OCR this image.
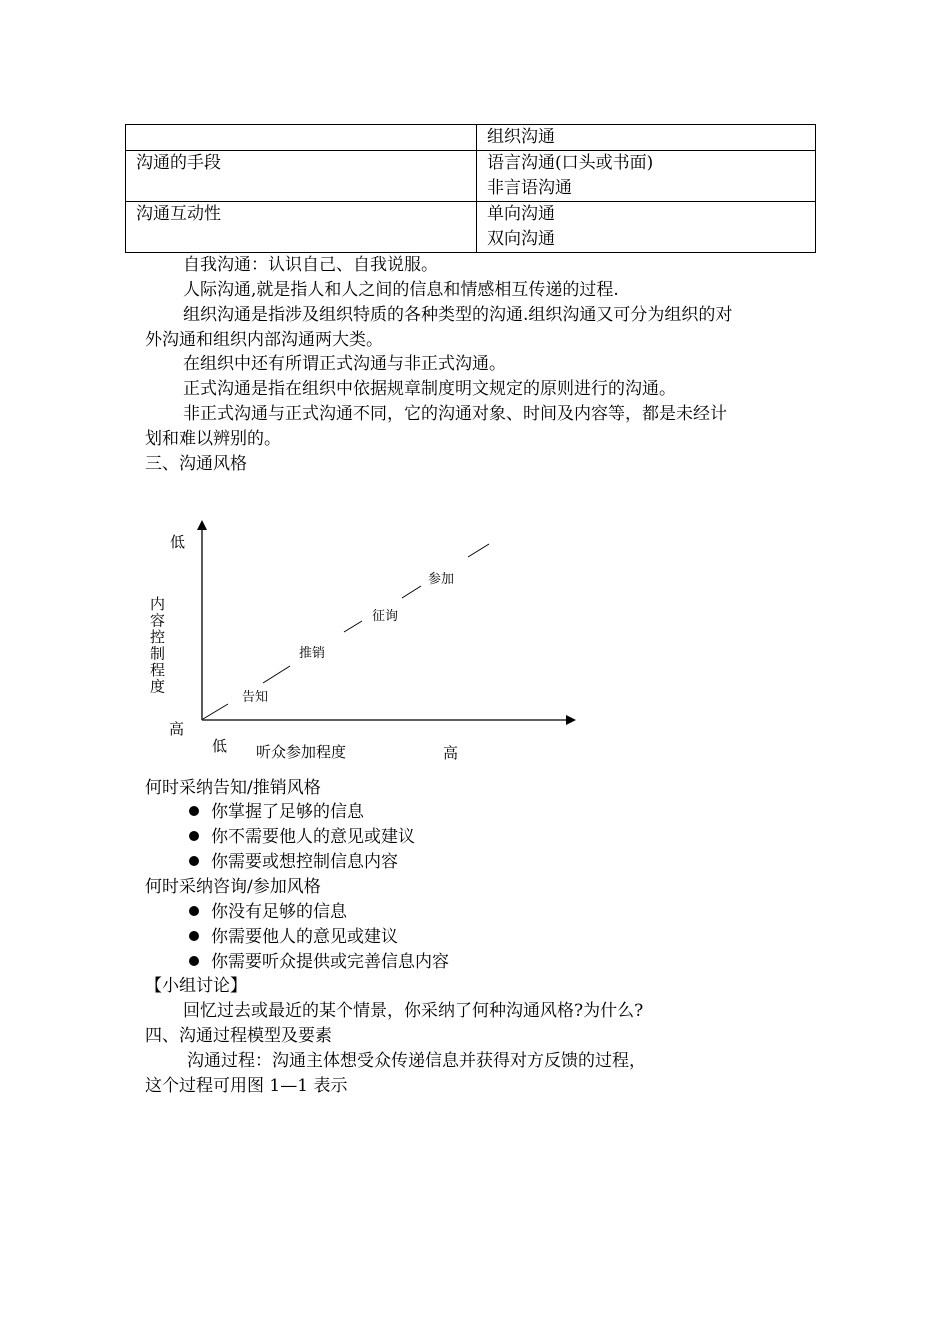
	组织沟通

沟通的手段	语言沟通(口头或书面)
非言语沟通

沟通互动性	单向沟通
双向沟通
自我沟通：认识自己、自我说服。
人际沟通,就是指人和人之间的信息和情感相互传递的过程.
组织沟通是指涉及组织特质的各种类型的沟通.组织沟通又可分为组织的对
外沟通和组织内部沟通两大类。
在组织中还有所谓正式沟通与非正式沟通。
正式沟通是指在组织中依据规章制度明文规定的原则进行的沟通。
非正式沟通与正式沟通不同，它的沟通对象、时间及内容等，都是未经计
划和难以辨别的。
三、沟通风格
低
高
内容控制程度
低 听众参加程度	高
告知
推销
征询
参加
何时采纳告知/推销风格
你掌握了足够的信息
你不需要他人的意见或建议
你需要或想控制信息内容
何时采纳咨询/参加风格
你没有足够的信息
你需要他人的意见或建议
你需要听众提供或完善信息内容
【小组讨论】
回忆过去或最近的某个情景，你采纳了何种沟通风格?为什么?
四、沟通过程模型及要素
沟通过程：沟通主体想受众传递信息并获得对方反馈的过程，
这个过程可用图 1—1 表示
